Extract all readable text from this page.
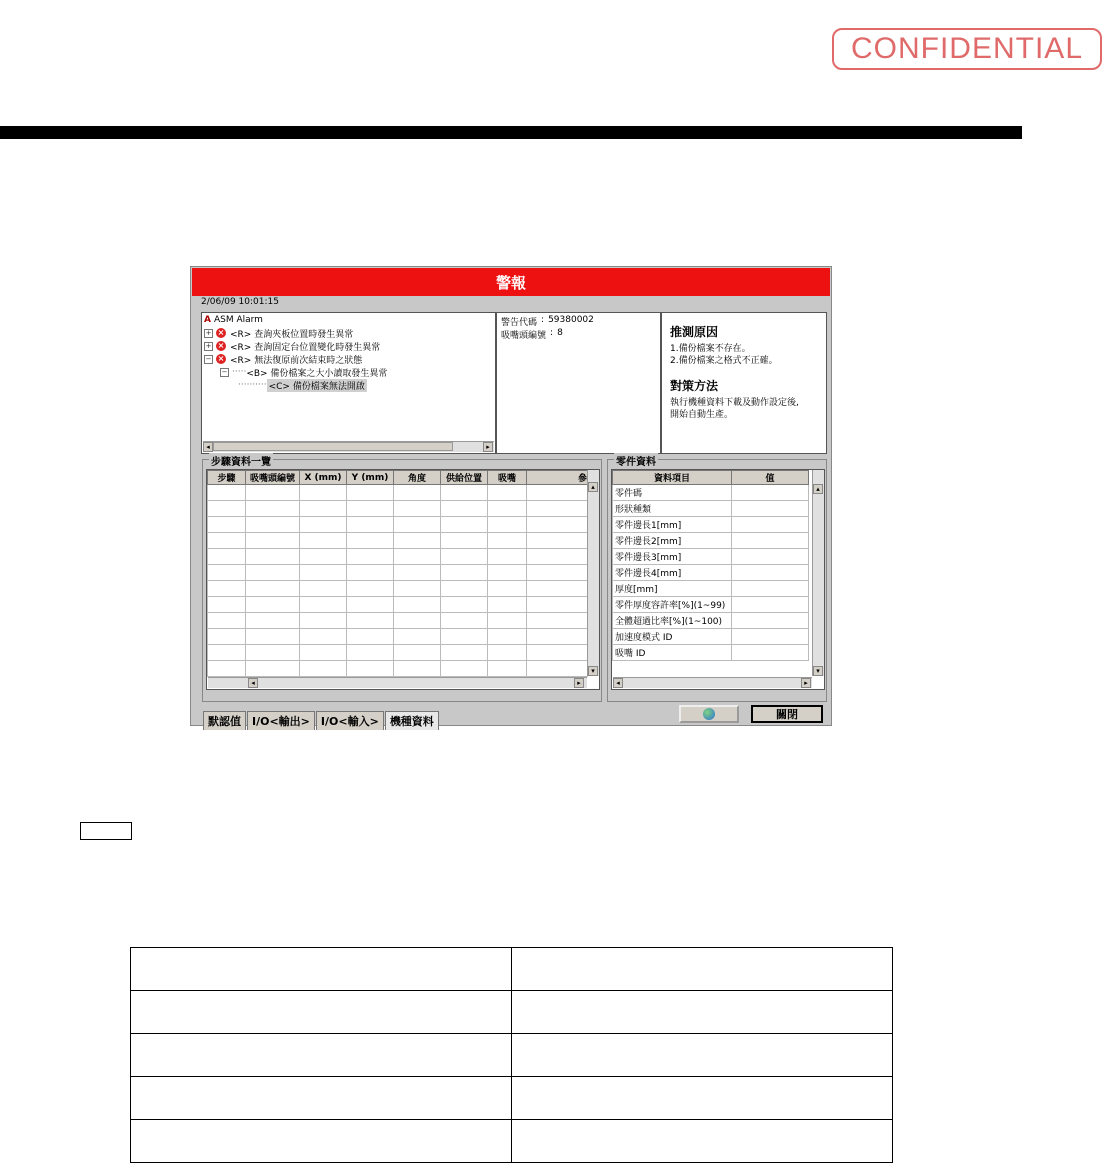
CONFIDENTIAL
警報
2/06/09 10:01:15
A ASM Alarm
+ × <R> 查詢夾板位置時發生異常
+ × <R> 查詢固定台位置變化時發生異常
− × <R> 無法復原前次結束時之狀態
− ····· <B> 備份檔案之大小讀取發生異常
·········· <C> 備份檔案無法開啟
◂	▸
警告代碼 : 59380002
吸嘴頭編號 : 8	推測原因

1.備份檔案不存在。

2.備份檔案之格式不正確。

對策方法

執行機種資料下載及動作設定後,

開始自動生產。

步驟資料一覽
步驟	吸嘴頭編號	X (mm)	Y (mm)	角度	供給位置	吸嘴	參

▴
▾
◂	▸
零件資料
資料項目	值
零件碼	
形狀種類	
零件邊長1[mm]	
零件邊長2[mm]	
零件邊長3[mm]	
零件邊長4[mm]	
厚度[mm]	
零件厚度容許率[%](1~99)	
全體超過比率[%](1~100)	
加速度模式 ID	
吸嘴 ID	
▴
▾
◂	▸
默認值	I/O<輸出>	I/O<輸入>	機種資料
關閉
